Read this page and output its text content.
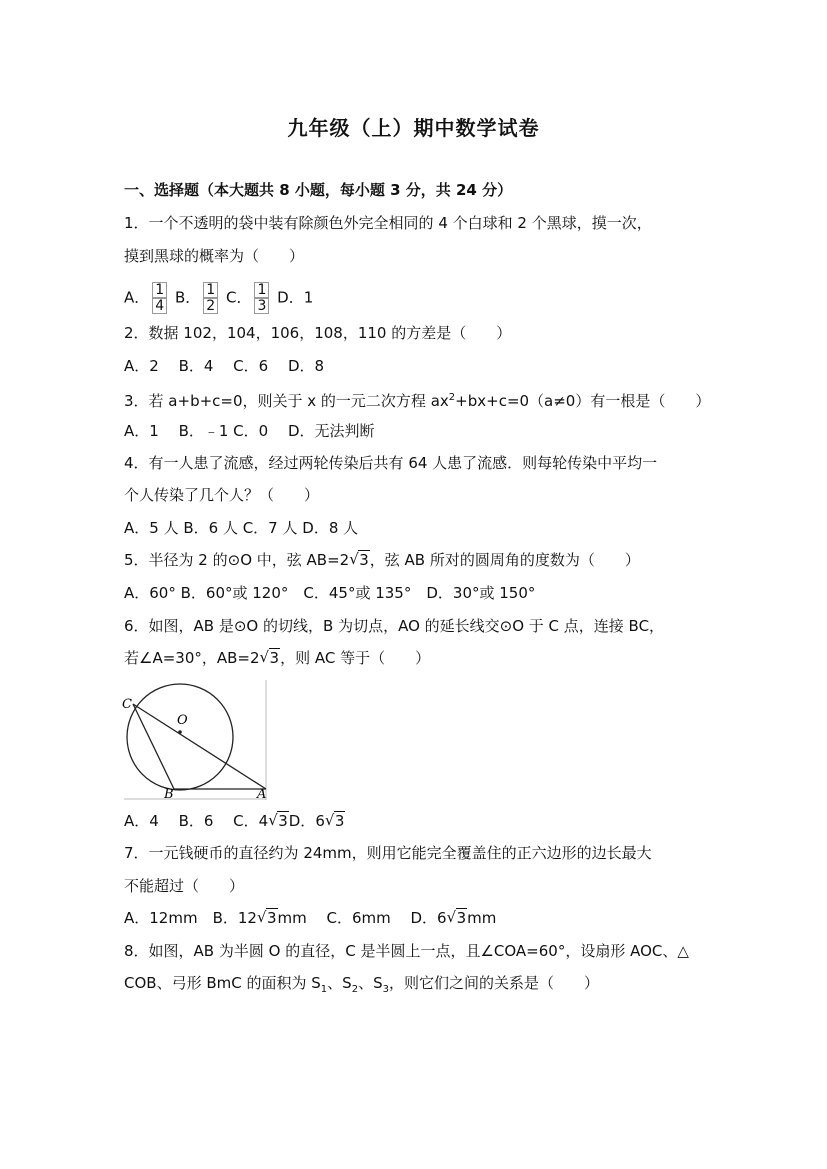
九年级（上）期中数学试卷
一、选择题（本大题共 8 小题，每小题 3 分，共 24 分）
1．一个不透明的袋中装有除颜色外完全相同的 4 个白球和 2 个黑球，摸一次，
摸到黑球的概率为（　　）
A． $\frac{1}{4}$ B． $\frac{1}{2}$ C． $\frac{1}{3}$ D．1
2．数据 102，104，106，108，110 的方差是（　　）
A．2　 B．4　 C．6　 D．8
3．若 a+b+c=0，则关于 x 的一元二次方程 $ax^2+bx+c=0(a\ne 0)$有一根是（　　）
A．1　 B．﹣1 C．0　 D．无法判断
4．有一人患了流感，经过两轮传染后共有 64 人患了流感．则每轮传染中平均一
个人传染了几个人？（　　）
A．5 人 B．6 人 C．7 人 D．8 人
5．半径为 2 的⊙O 中，弦 AB=2 √ 3，弦 AB 所对的圆周角的度数为（　　）
A．60° B．60°或 120°　C．45°或 135°　D．30°或 150°
6．如图，AB 是⊙O 的切线，B 为切点，AO 的延长线交⊙O 于 C 点，连接 BC，
若∠A=30°，AB=2 √ 3，则 AC 等于（　　）
C
O
B	A
A．4　 B．6　 C．4 √ 3D．6 √ 3
7．一元钱硬币的直径约为 24mm，则用它能完全覆盖住的正六边形的边长最大
不能超过（　　）
A．12mm　B．12 √ 3mm　 C．6mm　 D．6 √ 3mm
8．如图，AB 为半圆 O 的直径，C 是半圆上一点，且∠COA=60°，设扇形 AOC、△
COB、弓形 BmC 的面积为 $S_1$、$S_2$、$S_3$，则它们之间的关系是（　　）
